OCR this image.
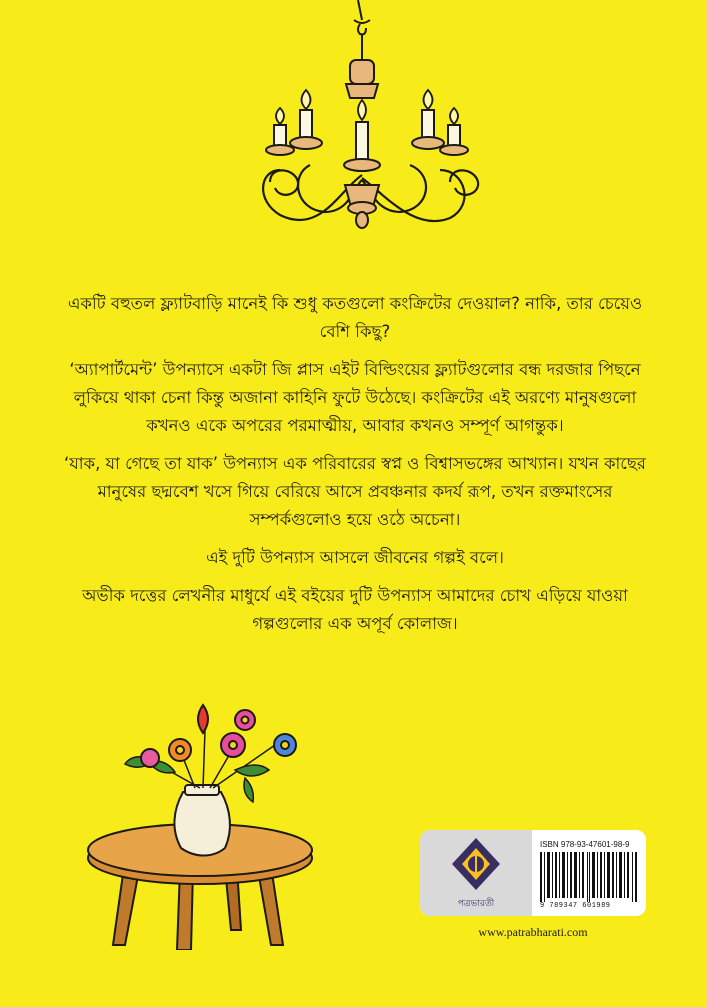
একটি বহুতল ফ্ল্যাটবাড়ি মানেই কি শুধু কতগুলো কংক্রিটের দেওয়াল? নাকি, তার চেয়েও বেশি কিছু?

‘অ্যাপার্টমেন্ট’ উপন্যাসে একটা জি প্লাস এইট বিল্ডিংয়ের ফ্ল্যাটগুলোর বন্ধ দরজার পিছনে লুকিয়ে থাকা চেনা কিন্তু অজানা কাহিনি ফুটে উঠেছে। কংক্রিটের এই অরণ্যে মানুষগুলো কখনও একে অপরের পরমাত্মীয়, আবার কখনও সম্পূর্ণ আগন্তুক।

‘যাক, যা গেছে তা যাক’ উপন্যাস এক পরিবারের স্বপ্ন ও বিশ্বাসভঙ্গের আখ্যান। যখন কাছের মানুষের ছদ্মবেশ খসে গিয়ে বেরিয়ে আসে প্রবঞ্চনার কদর্য রূপ, তখন রক্তমাংসের সম্পর্কগুলোও হয়ে ওঠে অচেনা।

এই দুটি উপন্যাস আসলে জীবনের গল্পই বলে।

অভীক দত্তের লেখনীর মাধুর্যে এই বইয়ের দুটি উপন্যাস আমাদের চোখ এড়িয়ে যাওয়া গল্পগুলোর এক অপূর্ব কোলাজ।

পত্রভারতী
ISBN 978-93-47601-98-9
9 789347 601989
www.patrabharati.com
